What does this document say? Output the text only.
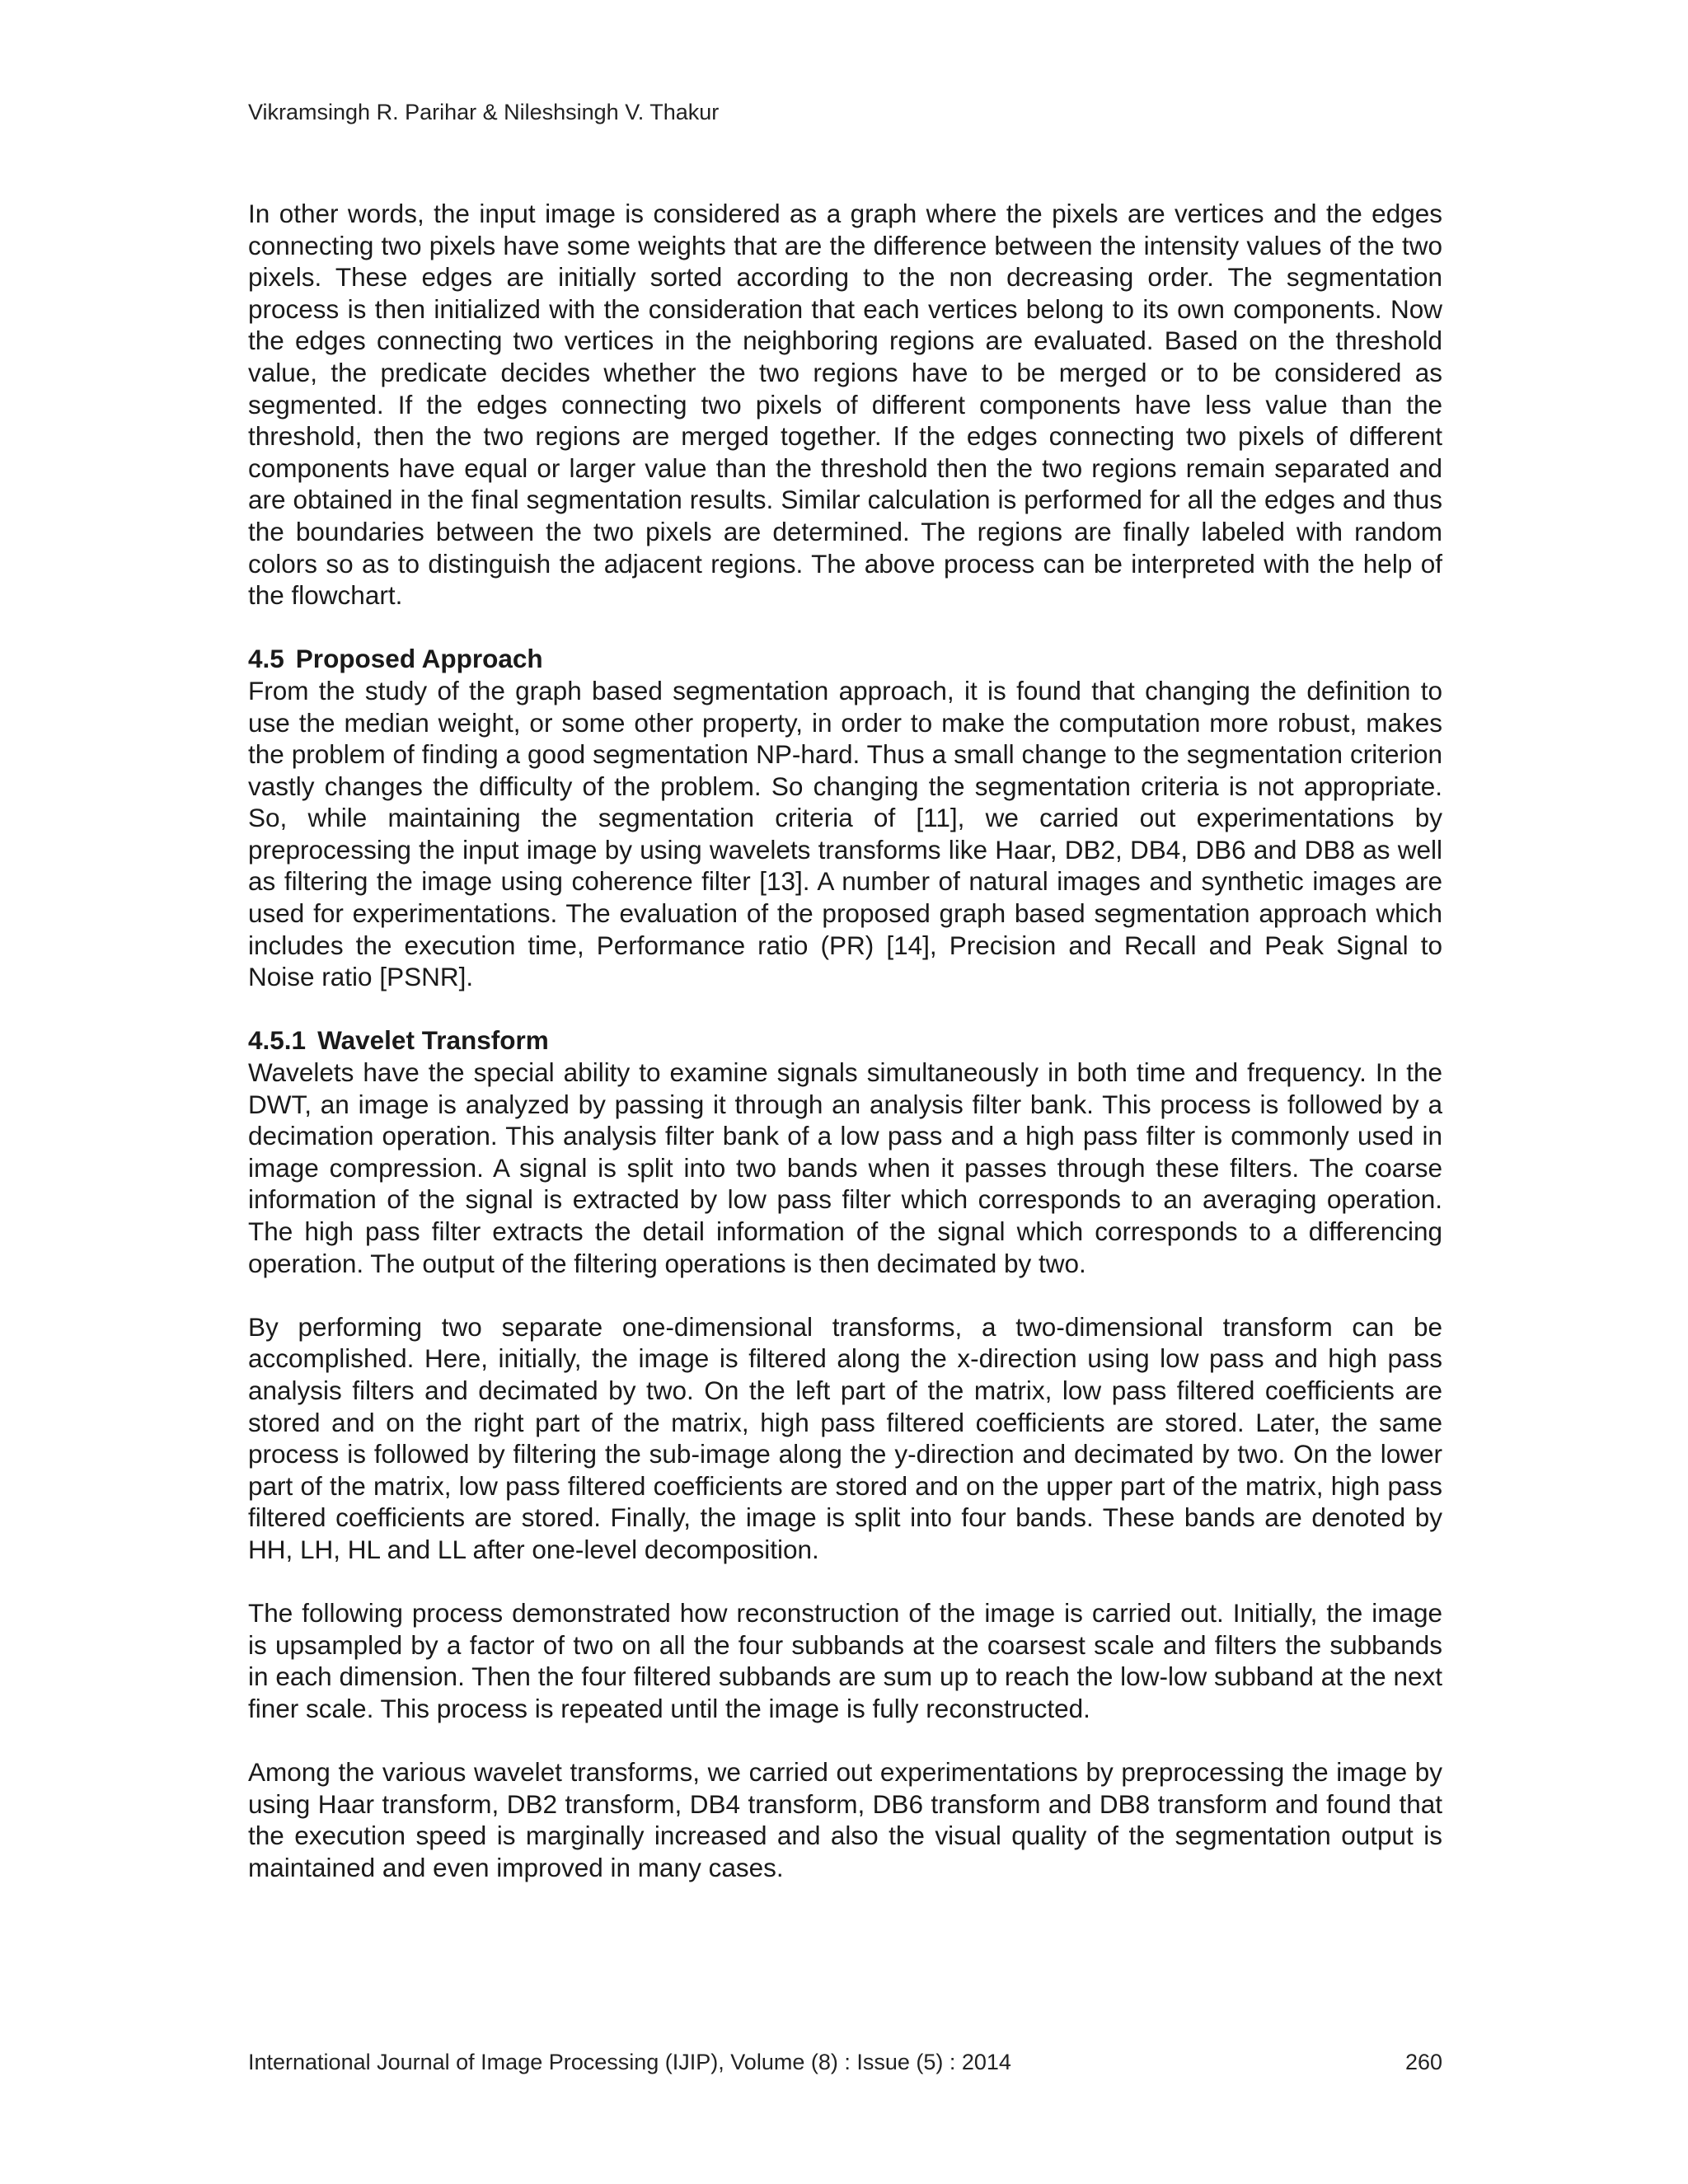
Vikramsingh R. Parihar & Nileshsingh V. Thakur

In other words, the input image is considered as a graph where the pixels are vertices and the edges connecting two pixels have some weights that are the difference between the intensity values of the two pixels. These edges are initially sorted according to the non decreasing order. The segmentation process is then initialized with the consideration that each vertices belong to its own components. Now the edges connecting two vertices in the neighboring regions are evaluated. Based on the threshold value, the predicate decides whether the two regions have to be merged or to be considered as segmented. If the edges connecting two pixels of different components have less value than the threshold, then the two regions are merged together. If the edges connecting two pixels of different components have equal or larger value than the threshold then the two regions remain separated and are obtained in the final segmentation results. Similar calculation is performed for all the edges and thus the boundaries between the two pixels are determined. The regions are finally labeled with random colors so as to distinguish the adjacent regions. The above process can be interpreted with the help of the flowchart.

4.5 Proposed Approach

From the study of the graph based segmentation approach, it is found that changing the definition to use the median weight, or some other property, in order to make the computation more robust, makes the problem of finding a good segmentation NP-hard. Thus a small change to the segmentation criterion vastly changes the difficulty of the problem. So changing the segmentation criteria is not appropriate. So, while maintaining the segmentation criteria of [11], we carried out experimentations by preprocessing the input image by using wavelets transforms like Haar, DB2, DB4, DB6 and DB8 as well as filtering the image using coherence filter [13]. A number of natural images and synthetic images are used for experimentations. The evaluation of the proposed graph based segmentation approach which includes the execution time, Performance ratio (PR) [14], Precision and Recall and Peak Signal to Noise ratio [PSNR].

4.5.1 Wavelet Transform

Wavelets have the special ability to examine signals simultaneously in both time and frequency. In the DWT, an image is analyzed by passing it through an analysis filter bank. This process is followed by a decimation operation. This analysis filter bank of a low pass and a high pass filter is commonly used in image compression. A signal is split into two bands when it passes through these filters. The coarse information of the signal is extracted by low pass filter which corresponds to an averaging operation. The high pass filter extracts the detail information of the signal which corresponds to a differencing operation. The output of the filtering operations is then decimated by two.

By performing two separate one-dimensional transforms, a two-dimensional transform can be accomplished. Here, initially, the image is filtered along the x-direction using low pass and high pass analysis filters and decimated by two. On the left part of the matrix, low pass filtered coefficients are stored and on the right part of the matrix, high pass filtered coefficients are stored. Later, the same process is followed by filtering the sub-image along the y-direction and decimated by two. On the lower part of the matrix, low pass filtered coefficients are stored and on the upper part of the matrix, high pass filtered coefficients are stored. Finally, the image is split into four bands. These bands are denoted by HH, LH, HL and LL after one-level decomposition.

The following process demonstrated how reconstruction of the image is carried out. Initially, the image is upsampled by a factor of two on all the four subbands at the coarsest scale and filters the subbands in each dimension. Then the four filtered subbands are sum up to reach the low-low subband at the next finer scale. This process is repeated until the image is fully reconstructed.

Among the various wavelet transforms, we carried out experimentations by preprocessing the image by using Haar transform, DB2 transform, DB4 transform, DB6 transform and DB8 transform and found that the execution speed is marginally increased and also the visual quality of the segmentation output is maintained and even improved in many cases.

International Journal of Image Processing (IJIP), Volume (8) : Issue (5) : 2014	260
